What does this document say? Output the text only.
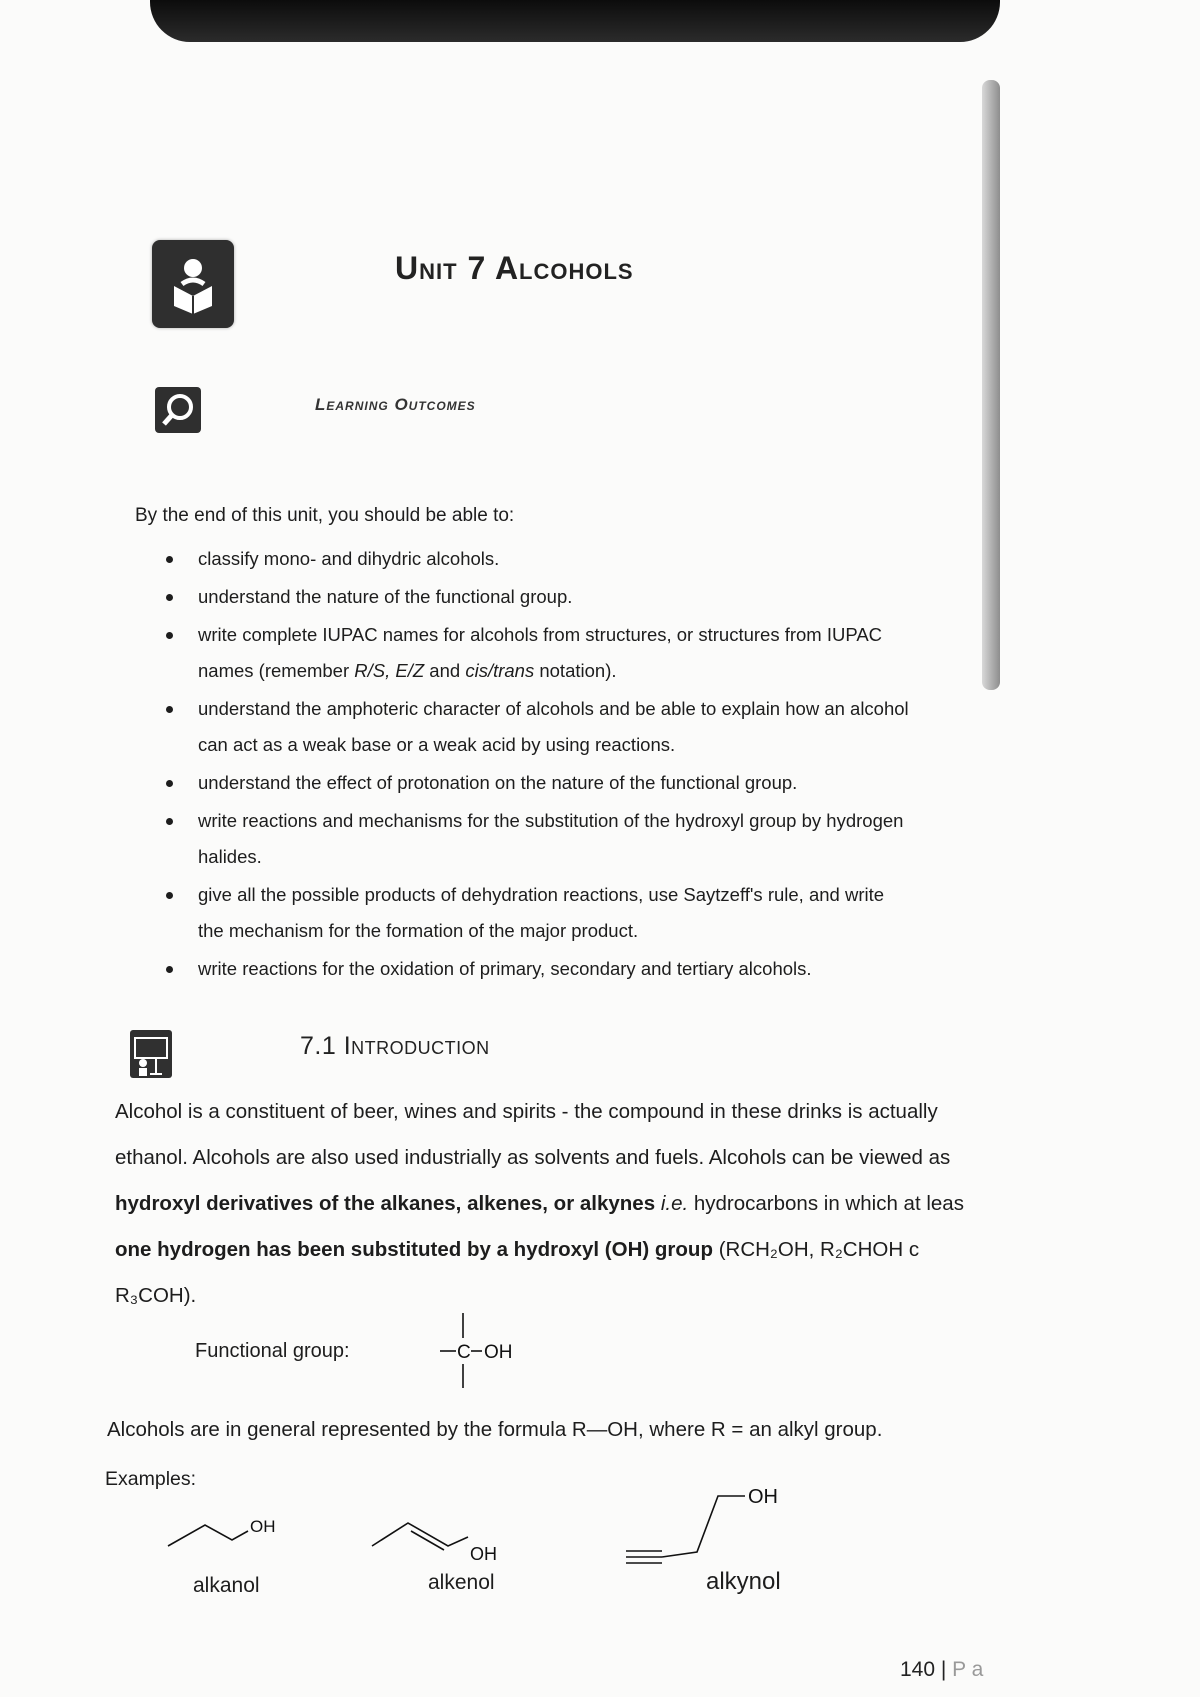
Unit 7 Alcohols
Learning Outcomes
By the end of this unit, you should be able to:
classify mono- and dihydric alcohols.
understand the nature of the functional group.
write complete IUPAC names for alcohols from structures, or structures from IUPAC
names (remember R/S, E/Z and cis/trans notation).
understand the amphoteric character of alcohols and be able to explain how an alcohol
can act as a weak base or a weak acid by using reactions.
understand the effect of protonation on the nature of the functional group.
write reactions and mechanisms for the substitution of the hydroxyl group by hydrogen
halides.
give all the possible products of dehydration reactions, use Saytzeff's rule, and write
the mechanism for the formation of the major product.
write reactions for the oxidation of primary, secondary and tertiary alcohols.
7.1 Introduction
Alcohol is a constituent of beer, wines and spirits - the compound in these drinks is actually
ethanol. Alcohols are also used industrially as solvents and fuels. Alcohols can be viewed as
hydroxyl derivatives of the alkanes, alkenes, or alkynes i.e. hydrocarbons in which at leas
one hydrogen has been substituted by a hydroxyl (OH) group (RCH₂OH, R₂CHOH c
R₃COH).
Functional group:
Alcohols are in general represented by the formula R—OH, where R = an alkyl group.
Examples:
C OH
OH
OH
OH
alkanol	alkenol	alkynol
140 | P a
